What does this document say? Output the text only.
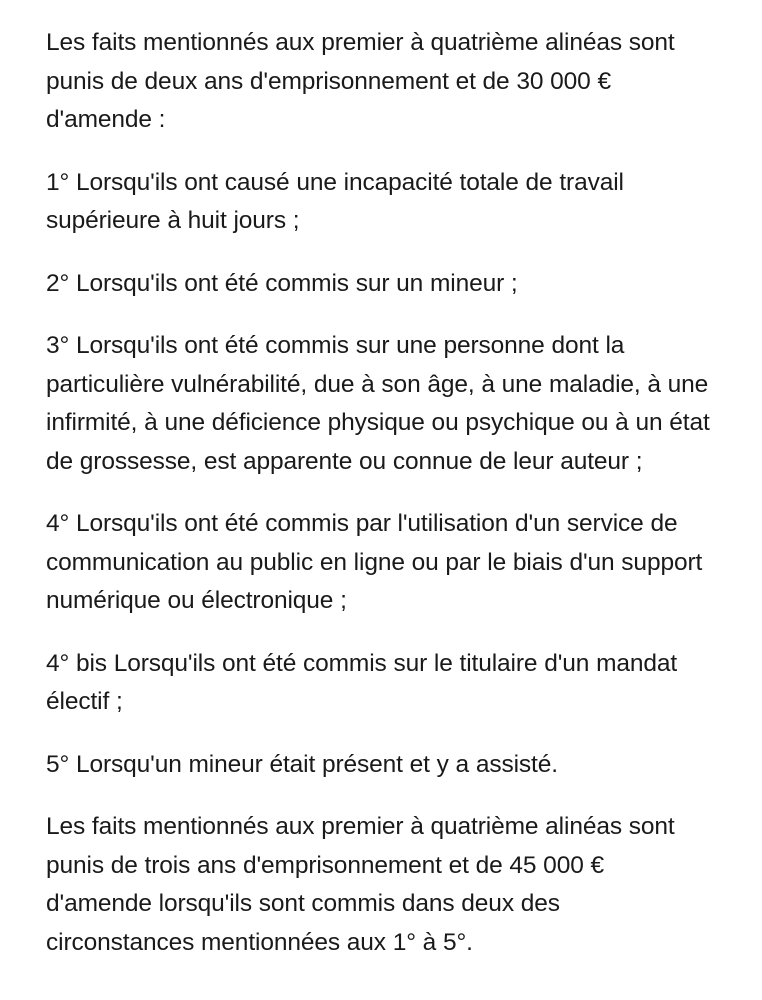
Les faits mentionnés aux premier à quatrième alinéas sont punis de deux ans d'emprisonnement et de 30 000 € d'amende :

1° Lorsqu'ils ont causé une incapacité totale de travail supérieure à huit jours ;

2° Lorsqu'ils ont été commis sur un mineur ;

3° Lorsqu'ils ont été commis sur une personne dont la particulière vulnérabilité, due à son âge, à une maladie, à une infirmité, à une déficience physique ou psychique ou à un état de grossesse, est apparente ou connue de leur auteur ;

4° Lorsqu'ils ont été commis par l'utilisation d'un service de communication au public en ligne ou par le biais d'un support numérique ou électronique ;

4° bis Lorsqu'ils ont été commis sur le titulaire d'un mandat électif ;

5° Lorsqu'un mineur était présent et y a assisté.

Les faits mentionnés aux premier à quatrième alinéas sont punis de trois ans d'emprisonnement et de 45 000 € d'amende lorsqu'ils sont commis dans deux des circonstances mentionnées aux 1° à 5°.
